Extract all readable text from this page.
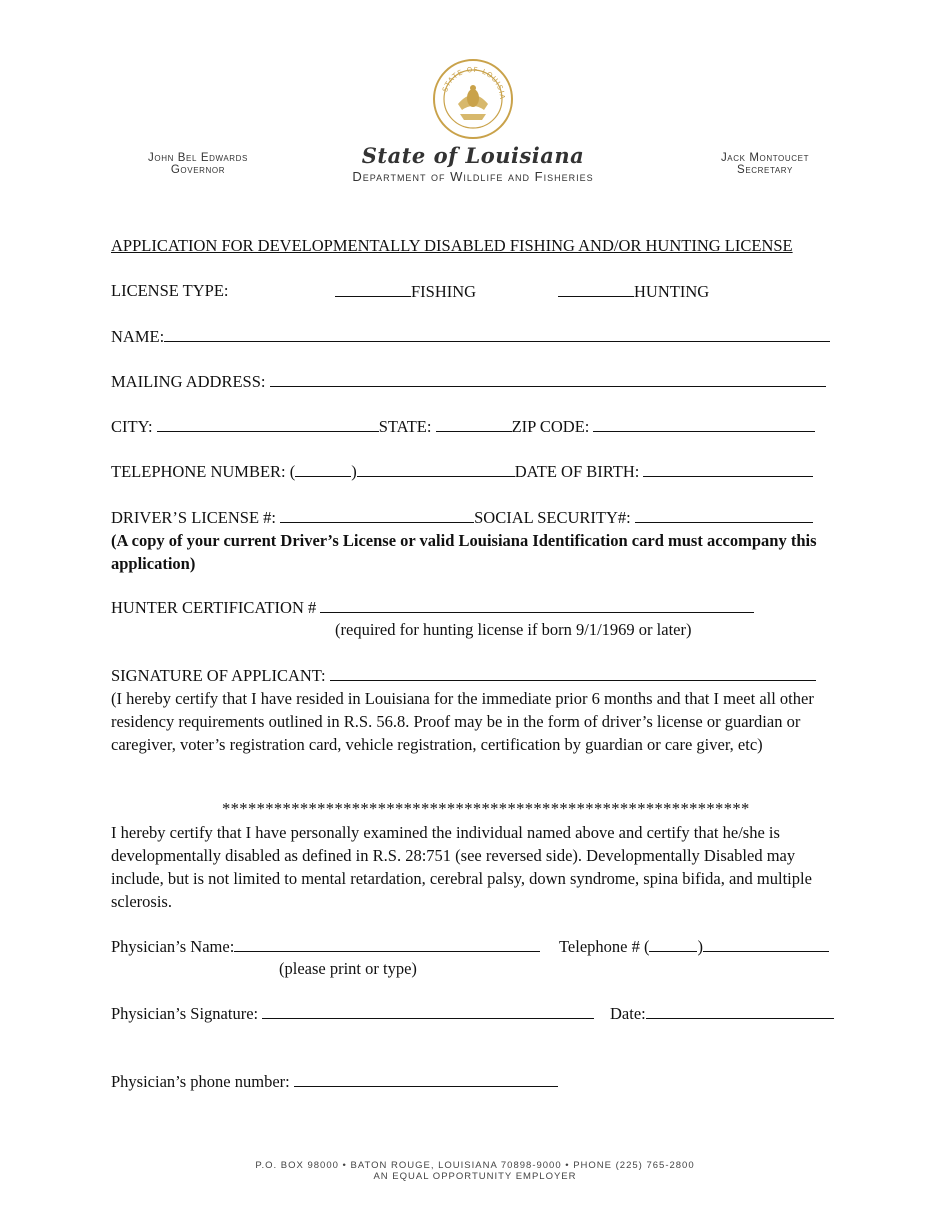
STATE OF LOUISIA
John Bel Edwards
Governor
State of Louisiana
Department of Wildlife and Fisheries
Jack Montoucet
Secretary
APPLICATION FOR DEVELOPMENTALLY DISABLED FISHING AND/OR HUNTING LICENSE
LICENSE TYPE:	FISHING	HUNTING
NAME:
MAILING ADDRESS:
CITY:	STATE:	ZIP CODE:
TELEPHONE NUMBER: (	)	DATE OF BIRTH:
DRIVER’S LICENSE #:	SOCIAL SECURITY#:
(A copy of your current Driver’s License or valid Louisiana Identification card must accompany this application)
HUNTER CERTIFICATION #
(required for hunting license if born 9/1/1969 or later)
SIGNATURE OF APPLICANT:
(I hereby certify that I have resided in Louisiana for the immediate prior 6 months and that I meet all other residency requirements outlined in R.S. 56.8. Proof may be in the form of driver’s license or guardian or caregiver, voter’s registration card, vehicle registration, certification by guardian or care giver, etc)
*************************************************************
I hereby certify that I have personally examined the individual named above and certify that he/she is developmentally disabled as defined in R.S. 28:751 (see reversed side). Developmentally Disabled may include, but is not limited to mental retardation, cerebral palsy, down syndrome, spina bifida, and multiple sclerosis.
Physician’s Name:	Telephone # (	)
(please print or type)
Physician’s Signature:	Date:
Physician’s phone number:
P.O. BOX 98000 • BATON ROUGE, LOUISIANA 70898-9000 • PHONE (225) 765-2800
AN EQUAL OPPORTUNITY EMPLOYER
